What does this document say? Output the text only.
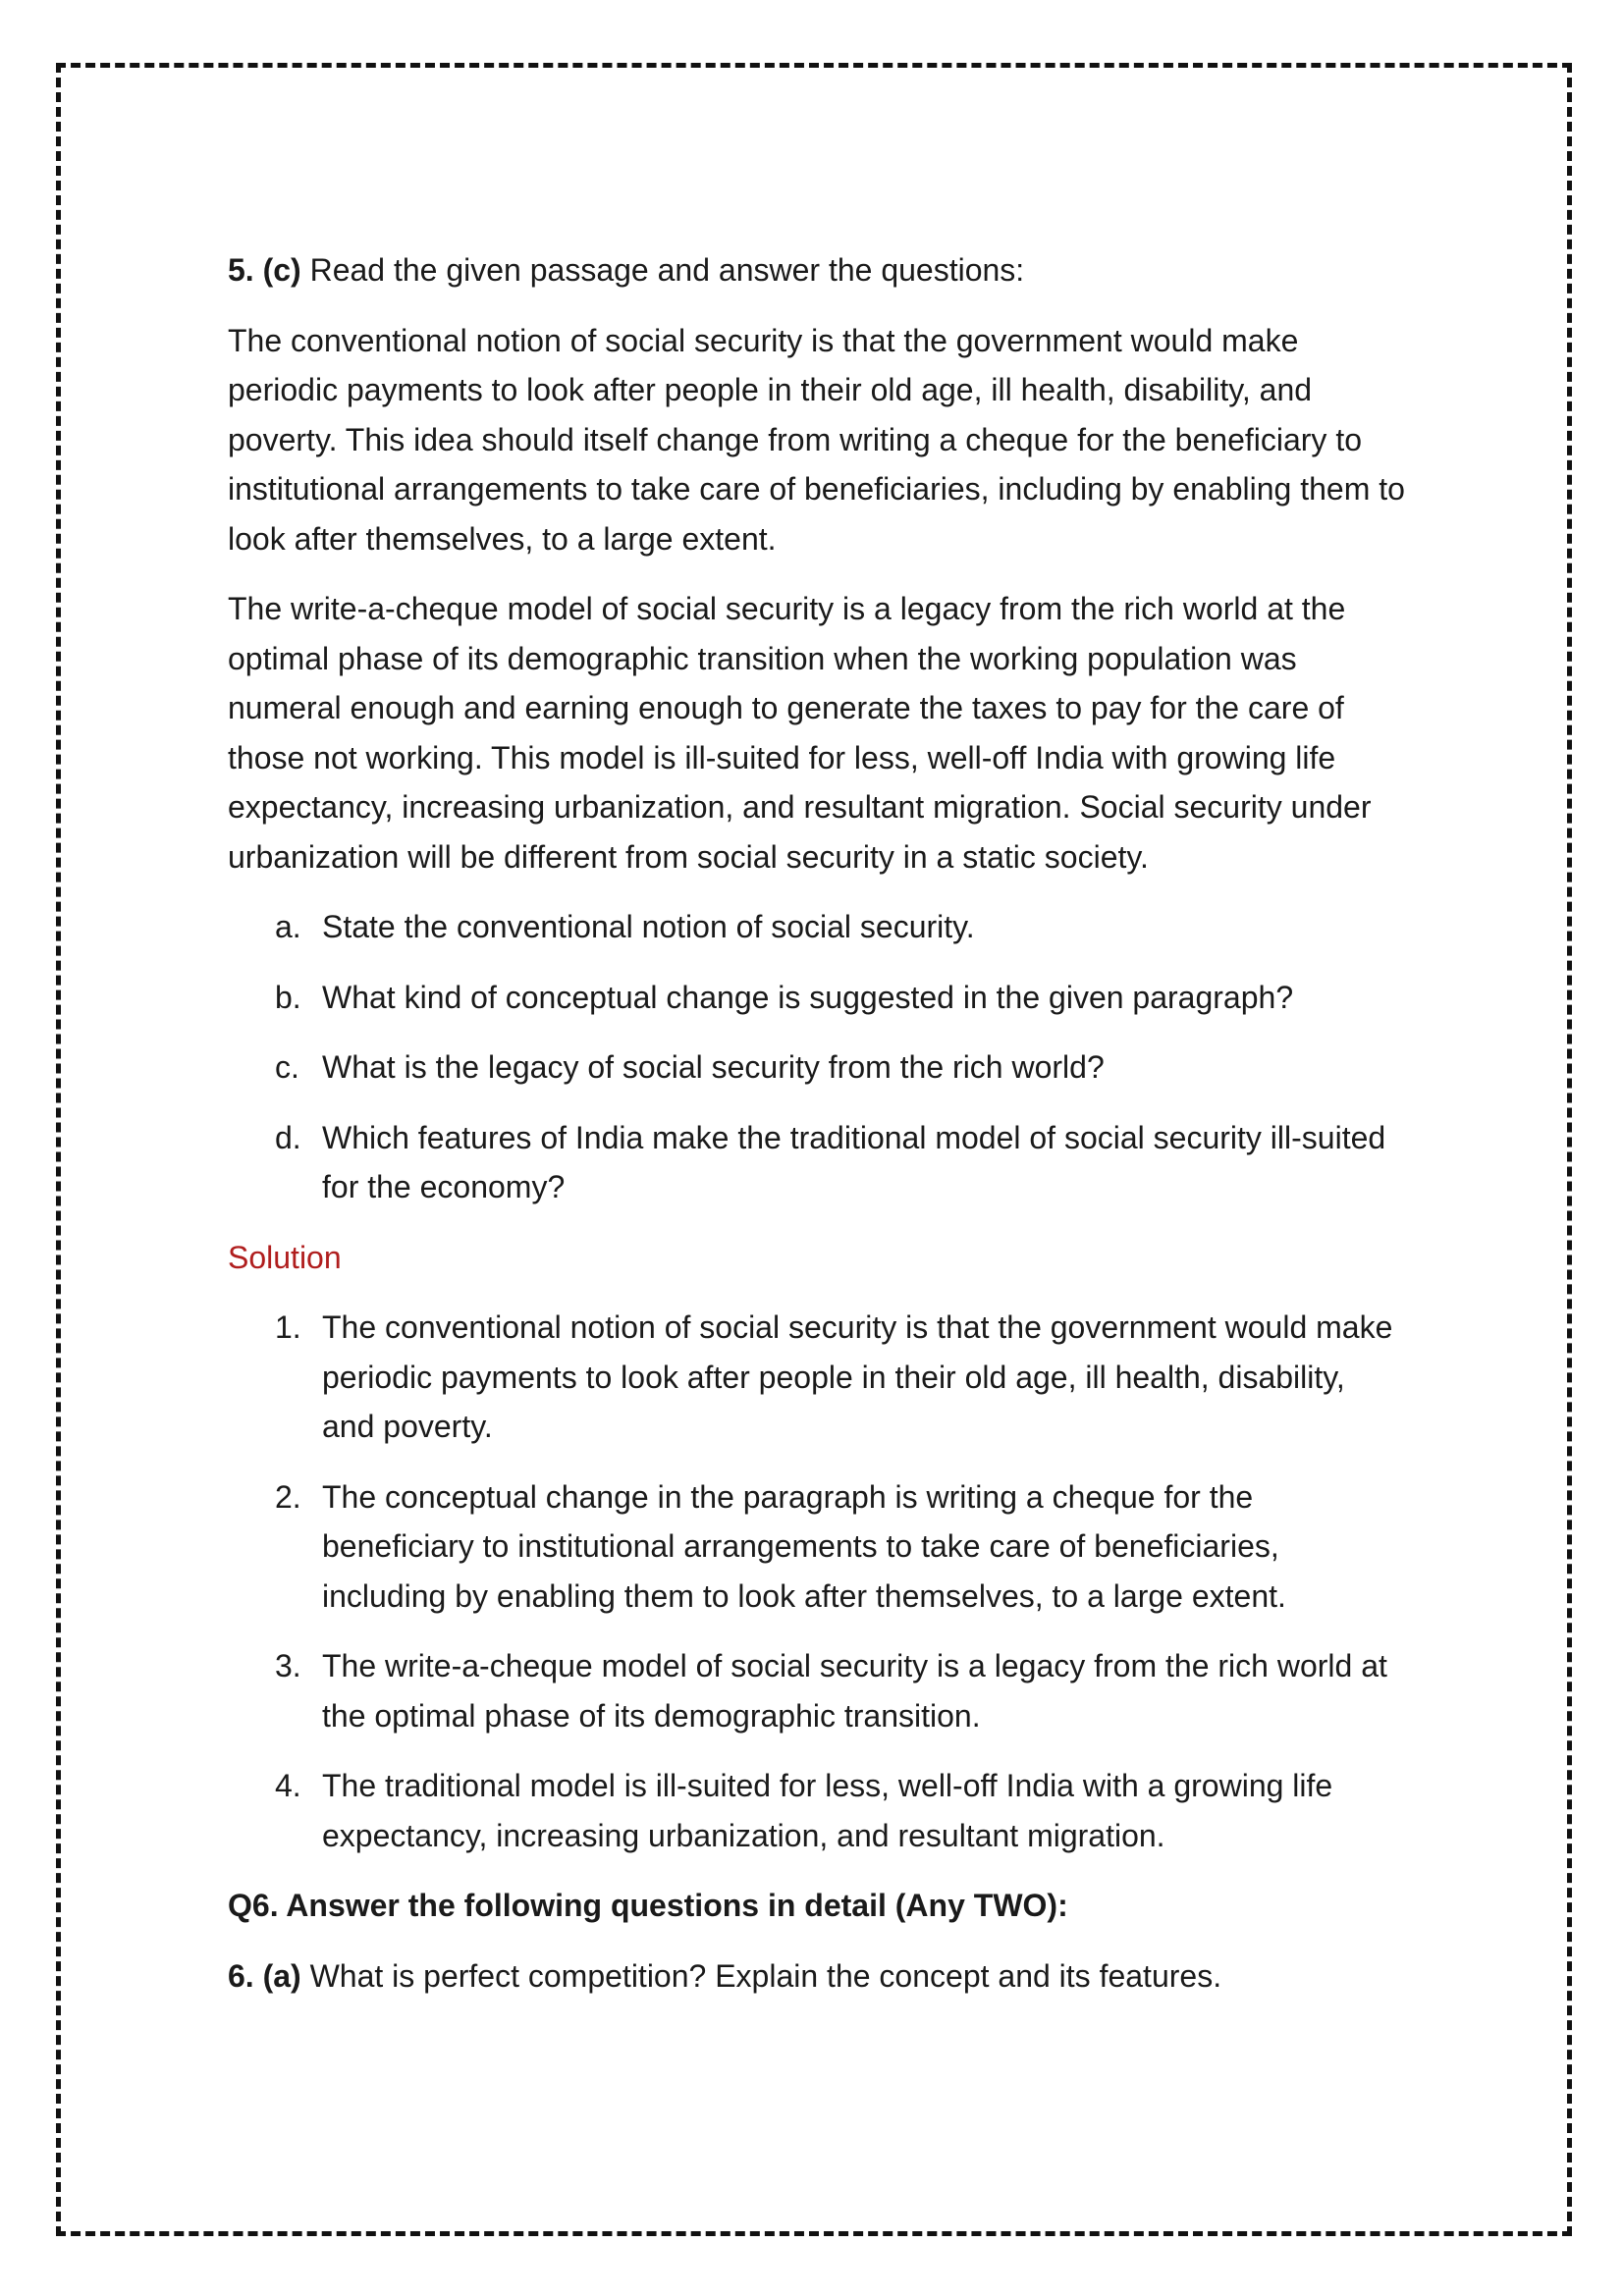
5. (c) Read the given passage and answer the questions:

The conventional notion of social security is that the government would make periodic payments to look after people in their old age, ill health, disability, and poverty. This idea should itself change from writing a cheque for the beneficiary to institutional arrangements to take care of beneficiaries, including by enabling them to look after themselves, to a large extent.

The write-a-cheque model of social security is a legacy from the rich world at the optimal phase of its demographic transition when the working population was numeral enough and earning enough to generate the taxes to pay for the care of those not working. This model is ill-suited for less, well-off India with growing life expectancy, increasing urbanization, and resultant migration. Social security under urbanization will be different from social security in a static society.

a. State the conventional notion of social security.
b. What kind of conceptual change is suggested in the given paragraph?
c. What is the legacy of social security from the rich world?
d. Which features of India make the traditional model of social security ill-suited for the economy?

Solution

1. The conventional notion of social security is that the government would make periodic payments to look after people in their old age, ill health, disability, and poverty.
2. The conceptual change in the paragraph is writing a cheque for the beneficiary to institutional arrangements to take care of beneficiaries, including by enabling them to look after themselves, to a large extent.
3. The write-a-cheque model of social security is a legacy from the rich world at the optimal phase of its demographic transition.
4. The traditional model is ill-suited for less, well-off India with a growing life expectancy, increasing urbanization, and resultant migration.

Q6. Answer the following questions in detail (Any TWO):

6. (a) What is perfect competition? Explain the concept and its features.
